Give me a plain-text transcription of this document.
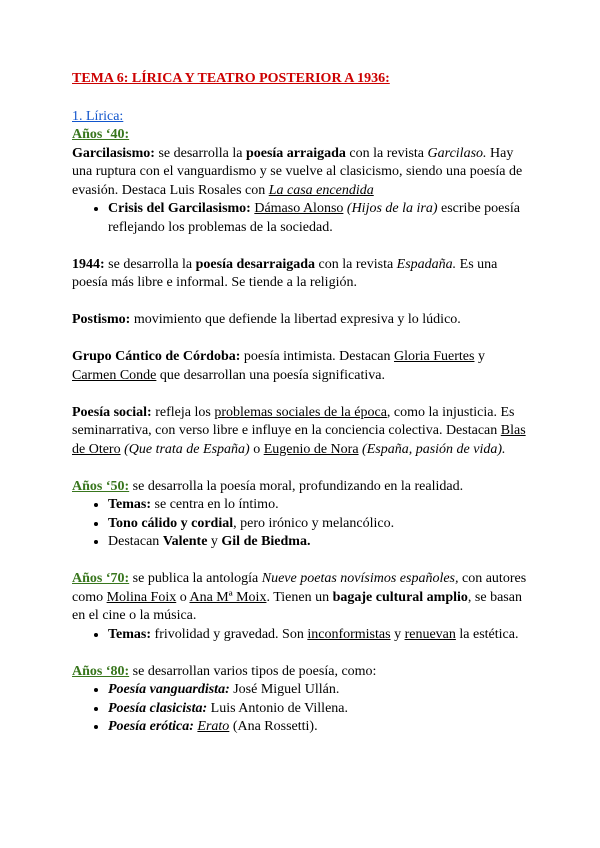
TEMA 6: LÍRICA Y TEATRO POSTERIOR A 1936:

1. Lírica:

Años ‘40:

Garcilasismo: se desarrolla la poesía arraigada con la revista Garcilaso. Hay una ruptura con el vanguardismo y se vuelve al clasicismo, siendo una poesía de evasión. Destaca Luis Rosales con La casa encendida

• Crisis del Garcilasismo: Dámaso Alonso (Hijos de la ira) escribe poesía reflejando los problemas de la sociedad.

1944: se desarrolla la poesía desarraigada con la revista Espadaña. Es una poesía más libre e informal. Se tiende a la religión.

Postismo: movimiento que defiende la libertad expresiva y lo lúdico.

Grupo Cántico de Córdoba: poesía intimista. Destacan Gloria Fuertes y Carmen Conde que desarrollan una poesía significativa.

Poesía social: refleja los problemas sociales de la época, como la injusticia. Es seminarrativa, con verso libre e influye en la conciencia colectiva. Destacan Blas de Otero (Que trata de España) o Eugenio de Nora (España, pasión de vida).

Años ‘50: se desarrolla la poesía moral, profundizando en la realidad.

• Temas: se centra en lo íntimo.
• Tono cálido y cordial, pero irónico y melancólico.
• Destacan Valente y Gil de Biedma.

Años ‘70: se publica la antología Nueve poetas novísimos españoles, con autores como Molina Foix o Ana Mª Moix. Tienen un bagaje cultural amplio, se basan en el cine o la música.

• Temas: frivolidad y gravedad. Son inconformistas y renuevan la estética.

Años ‘80: se desarrollan varios tipos de poesía, como:

• Poesía vanguardista: José Miguel Ullán.
• Poesía clasicista: Luis Antonio de Villena.
• Poesía erótica: Erato (Ana Rossetti).
